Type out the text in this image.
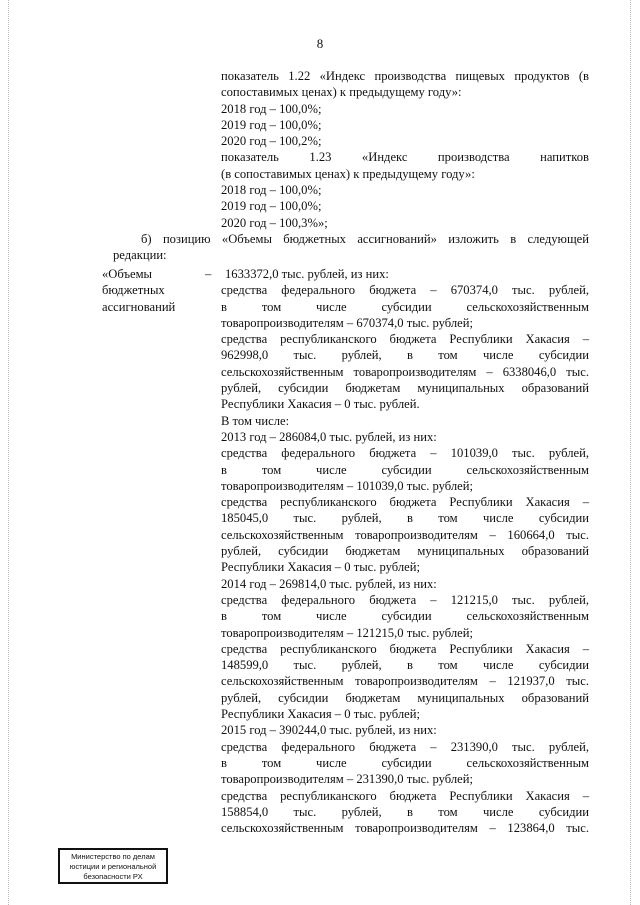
8

показатель 1.22 «Индекс производства пищевых продуктов (в

сопоставимых ценах) к предыдущему году»:

2018 год – 100,0%;

2019 год – 100,0%;

2020 год – 100,2%;

показатель 1.23 «Индекс производства напитков

(в сопоставимых ценах) к предыдущему году»:

2018 год – 100,0%;

2019 год – 100,0%;

2020 год – 100,3%»;

б) позицию «Объемы бюджетных ассигнований» изложить в следующей

редакции:

«Объемы
бюджетных
ассигнований
–	1633372,0 тыс. рублей, из них:

средства федерального бюджета – 670374,0 тыс. рублей,

в том числе субсидии сельскохозяйственным

товаропроизводителям – 670374,0 тыс. рублей;

средства республиканского бюджета Республики Хакасия –

962998,0 тыс. рублей, в том числе субсидии

сельскохозяйственным товаропроизводителям – 6338046,0 тыс.

рублей, субсидии бюджетам муниципальных образований

Республики Хакасия – 0 тыс. рублей.

В том числе:

2013 год – 286084,0 тыс. рублей, из них:

средства федерального бюджета – 101039,0 тыс. рублей,

в том числе субсидии сельскохозяйственным

товаропроизводителям – 101039,0 тыс. рублей;

средства республиканского бюджета Республики Хакасия –

185045,0 тыс. рублей, в том числе субсидии

сельскохозяйственным товаропроизводителям – 160664,0 тыс.

рублей, субсидии бюджетам муниципальных образований

Республики Хакасия – 0 тыс. рублей;

2014 год – 269814,0 тыс. рублей, из них:

средства федерального бюджета – 121215,0 тыс. рублей,

в том числе субсидии сельскохозяйственным

товаропроизводителям – 121215,0 тыс. рублей;

средства республиканского бюджета Республики Хакасия –

148599,0 тыс. рублей, в том числе субсидии

сельскохозяйственным товаропроизводителям – 121937,0 тыс.

рублей, субсидии бюджетам муниципальных образований

Республики Хакасия – 0 тыс. рублей;

2015 год – 390244,0 тыс. рублей, из них:

средства федерального бюджета – 231390,0 тыс. рублей,

в том числе субсидии сельскохозяйственным

товаропроизводителям – 231390,0 тыс. рублей;

средства республиканского бюджета Республики Хакасия –

158854,0 тыс. рублей, в том числе субсидии

сельскохозяйственным товаропроизводителям – 123864,0 тыс.

Министерство по делам
юстиции и региональной
безопасности РХ
